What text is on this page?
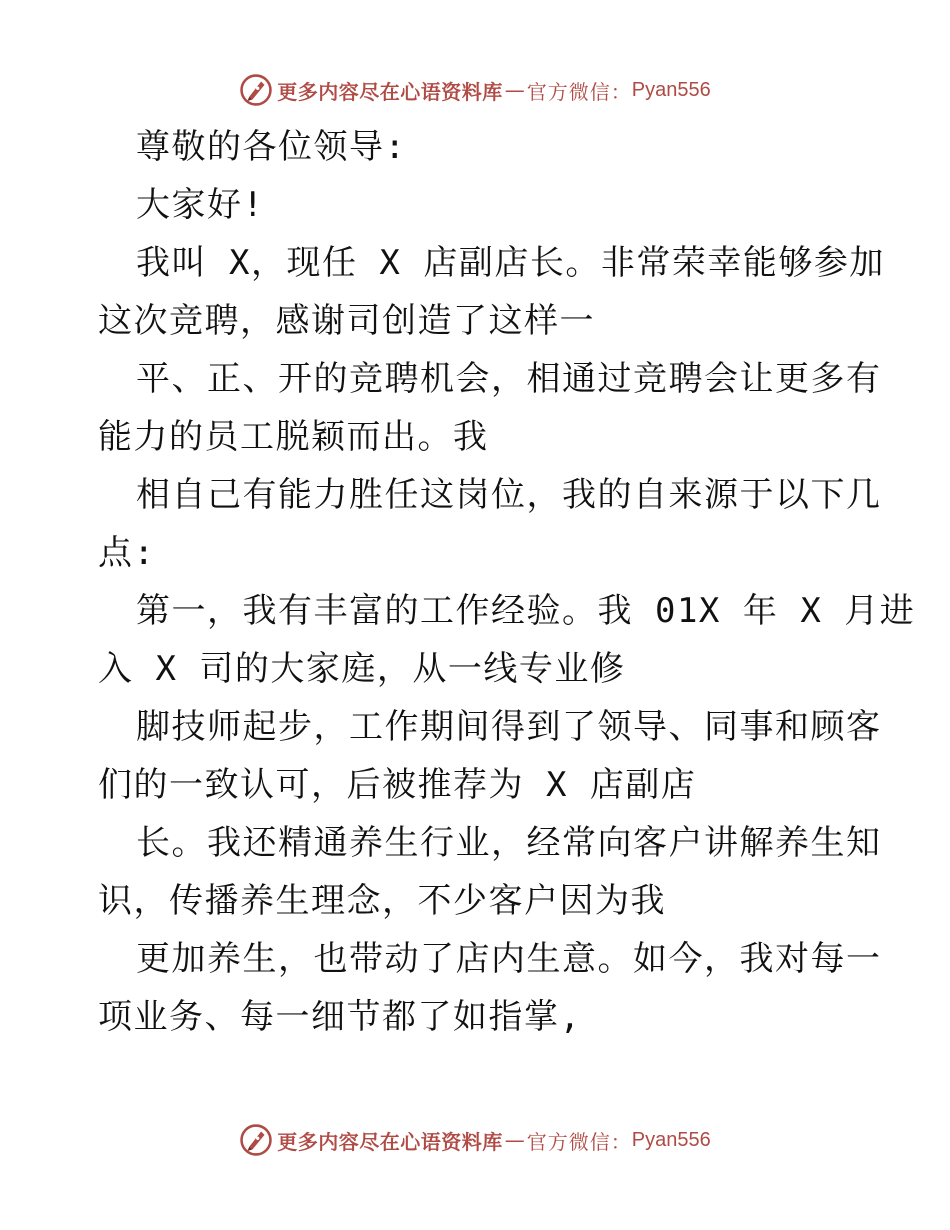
更多内容尽在心语资料库 — 官方微信： Pyan556
尊敬的各位领导:
大家好!
我叫 X，现任 X 店副店长。非常荣幸能够参加
这次竞聘，感谢司创造了这样一
平、正、开的竞聘机会，相通过竞聘会让更多有
能力的员工脱颖而出。我
相自己有能力胜任这岗位，我的自来源于以下几
点:
第一，我有丰富的工作经验。我 01X 年 X 月进
入 X 司的大家庭，从一线专业修
脚技师起步，工作期间得到了领导、同事和顾客
们的一致认可，后被推荐为 X 店副店
长。我还精通养生行业，经常向客户讲解养生知
识，传播养生理念，不少客户因为我
更加养生，也带动了店内生意。如今，我对每一
项业务、每一细节都了如指掌,
更多内容尽在心语资料库 — 官方微信： Pyan556
